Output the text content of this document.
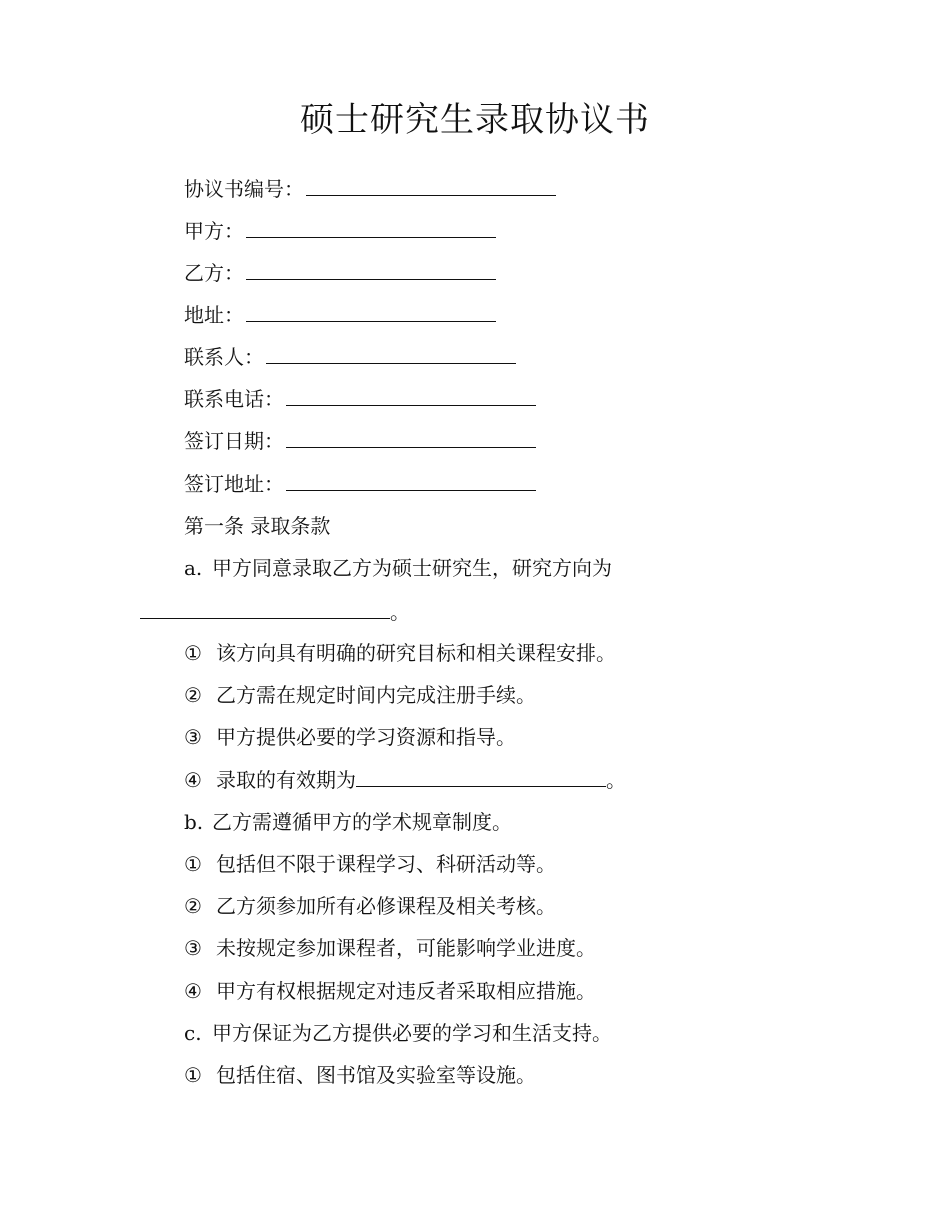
硕士研究生录取协议书
协议书编号：
甲方：
乙方：
地址：
联系人：
联系电话：
签订日期：
签订地址：
第一条 录取条款
a. 甲方同意录取乙方为硕士研究生，研究方向为
。
① 该方向具有明确的研究目标和相关课程安排。
② 乙方需在规定时间内完成注册手续。
③ 甲方提供必要的学习资源和指导。
④ 录取的有效期为	。
b. 乙方需遵循甲方的学术规章制度。
① 包括但不限于课程学习、科研活动等。
② 乙方须参加所有必修课程及相关考核。
③ 未按规定参加课程者，可能影响学业进度。
④ 甲方有权根据规定对违反者采取相应措施。
c. 甲方保证为乙方提供必要的学习和生活支持。
① 包括住宿、图书馆及实验室等设施。
